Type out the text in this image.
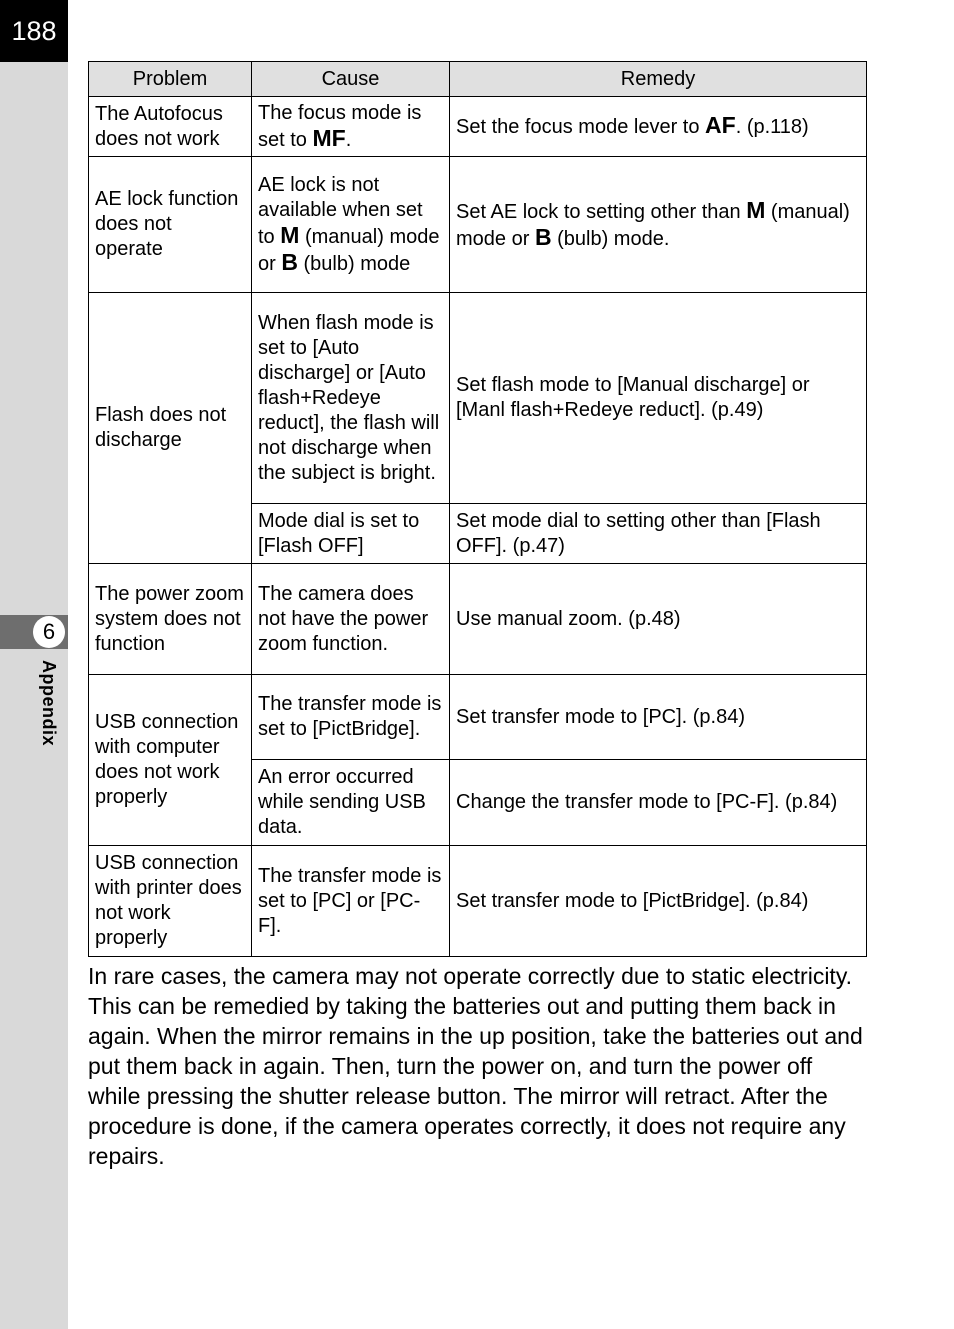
188
6
Appendix
Problem	Cause	Remedy
The Autofocus does not work	The focus mode is set to MF.	Set the focus mode lever to AF. (p.118)
AE lock function does not operate	AE lock is not available when set to M (manual) mode or B (bulb) mode	Set AE lock to setting other than M (manual) mode or B (bulb) mode.
Flash does not discharge	When flash mode is set to [Auto discharge] or [Auto flash+Redeye reduct], the flash will not discharge when the subject is bright.	Set flash mode to [Manual discharge] or [Manl flash+Redeye reduct]. (p.49)
	Mode dial is set to [Flash OFF]	Set mode dial to setting other than [Flash OFF]. (p.47)
The power zoom system does not function	The camera does not have the power zoom function.	Use manual zoom. (p.48)
USB connection with computer does not work properly	The transfer mode is set to [PictBridge].	Set transfer mode to [PC]. (p.84)
	An error occurred while sending USB data.	Change the transfer mode to [PC-F]. (p.84)
USB connection with printer does not work properly	The transfer mode is set to [PC] or [PC-F].	Set transfer mode to [PictBridge]. (p.84)

In rare cases, the camera may not operate correctly due to static electricity. This can be remedied by taking the batteries out and putting them back in again. When the mirror remains in the up position, take the batteries out and put them back in again. Then, turn the power on, and turn the power off while pressing the shutter release button. The mirror will retract. After the procedure is done, if the camera operates correctly, it does not require any repairs.
